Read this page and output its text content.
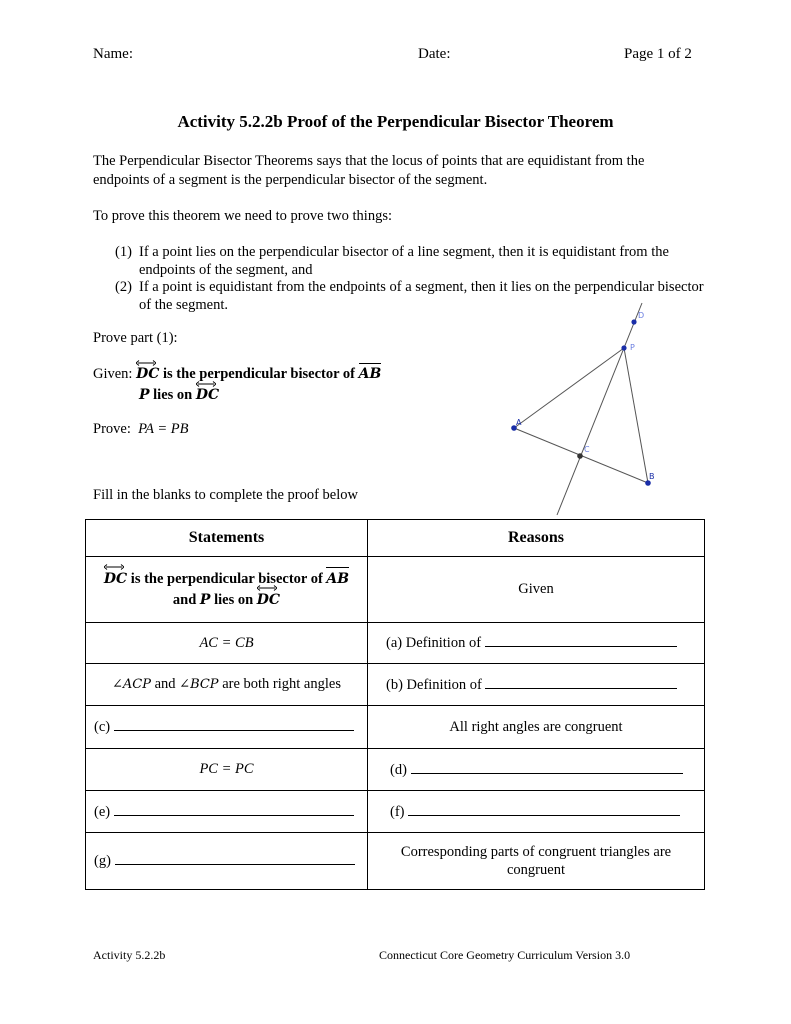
Name:	Date:	Page 1 of 2
Activity 5.2.2b Proof of the Perpendicular Bisector Theorem
The Perpendicular Bisector Theorems says that the locus of points that are equidistant from the endpoints of a segment is the perpendicular bisector of the segment.
To prove this theorem we need to prove two things:
(1) If a point lies on the perpendicular bisector of a line segment, then it is equidistant from the endpoints of the segment, and
(2) If a point is equidistant from the endpoints of a segment, then it lies on the perpendicular bisector of the segment.
Prove part (1):
Given: DC is the perpendicular bisector of AB
P lies on DC
Prove: PA = PB
D
P
A
C
B
Fill in the blanks to complete the proof below
Statements	Reasons

DC is the perpendicular bisector of AB
and P lies on DC	Given
AC = CB	(a) Definition of
∠ACP and ∠BCP are both right angles	(b) Definition of
(c)	All right angles are congruent
PC = PC	(d)
(e)	(f)
(g)	Corresponding parts of congruent triangles are congruent
Activity 5.2.2b	Connecticut Core Geometry Curriculum Version 3.0
